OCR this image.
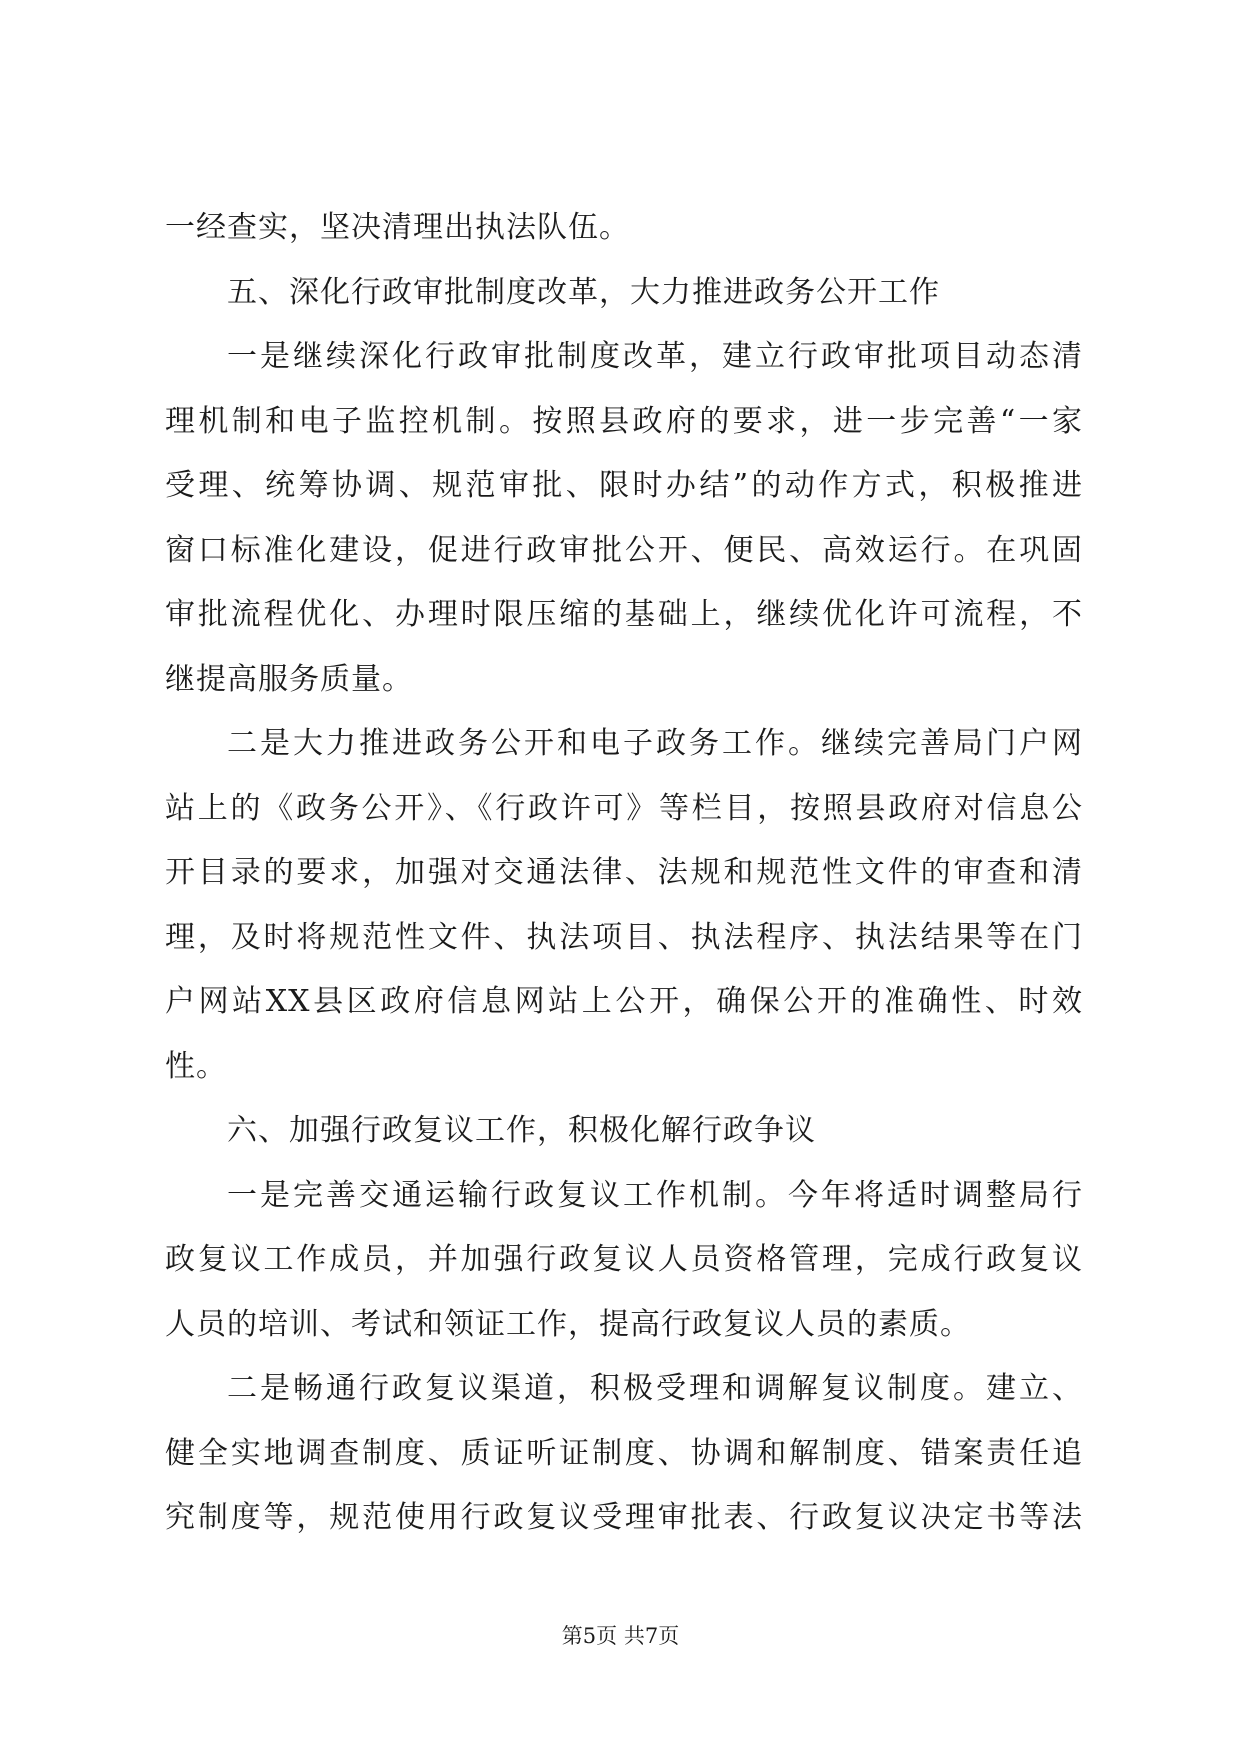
一经查实，坚决清理出执法队伍。
五、深化行政审批制度改革，大力推进政务公开工作
一是继续深化行政审批制度改革，建立行政审批项目动态清
理机制和电子监控机制。按照县政府的要求，进一步完善“一家
受理、统筹协调、规范审批、限时办结”的动作方式，积极推进
窗口标准化建设，促进行政审批公开、便民、高效运行。在巩固
审批流程优化、办理时限压缩的基础上，继续优化许可流程，不
继提高服务质量。
二是大力推进政务公开和电子政务工作。继续完善局门户网
站上的《政务公开》、《行政许可》等栏目，按照县政府对信息公
开目录的要求，加强对交通法律、法规和规范性文件的审查和清
理，及时将规范性文件、执法项目、执法程序、执法结果等在门
户网站XX县区政府信息网站上公开，确保公开的准确性、时效
性。
六、加强行政复议工作，积极化解行政争议
一是完善交通运输行政复议工作机制。今年将适时调整局行
政复议工作成员，并加强行政复议人员资格管理，完成行政复议
人员的培训、考试和领证工作，提高行政复议人员的素质。
二是畅通行政复议渠道，积极受理和调解复议制度。建立、
健全实地调查制度、质证听证制度、协调和解制度、错案责任追
究制度等，规范使用行政复议受理审批表、行政复议决定书等法
第5页 共7页
